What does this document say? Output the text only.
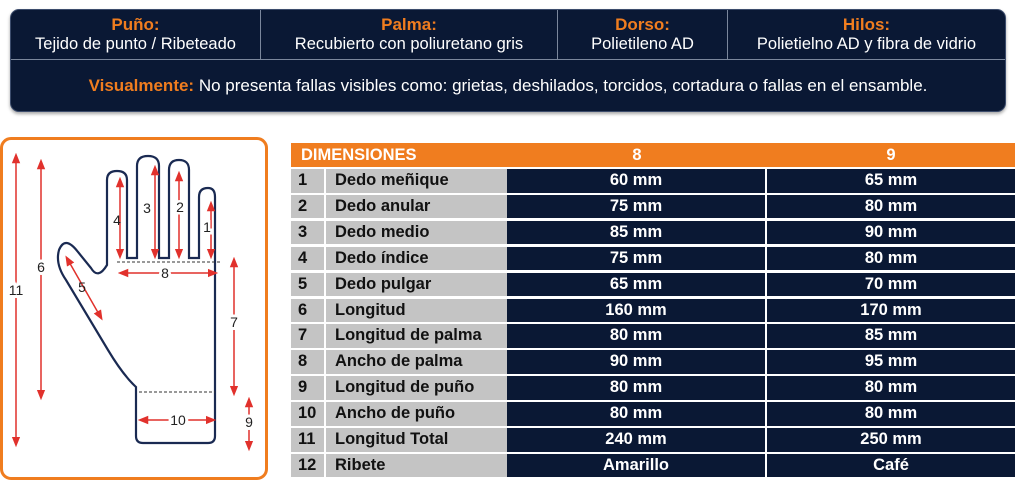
Puño:
Tejido de punto / Ribeteado
Palma:
Recubierto con poliuretano gris
Dorso:
Polietileno AD
Hilos:
Polietielno AD y fibra de vidrio
Visualmente: No presenta fallas visibles como: grietas, deshilados, torcidos, cortadura o fallas en el ensamble.
1
2
3
4
5
6
7
8
9
10
11
DIMENSIONES	8	9
1	Dedo meñique	60 mm	65 mm
2	Dedo anular	75 mm	80 mm
3	Dedo medio	85 mm	90 mm
4	Dedo índice	75 mm	80 mm
5	Dedo pulgar	65 mm	70 mm
6	Longitud	160 mm	170 mm
7	Longitud de palma	80 mm	85 mm
8	Ancho de palma	90 mm	95 mm
9	Longitud de puño	80 mm	80 mm
10	Ancho de puño	80 mm	80 mm
11	Longitud Total	240 mm	250 mm
12	Ribete	Amarillo	Café
